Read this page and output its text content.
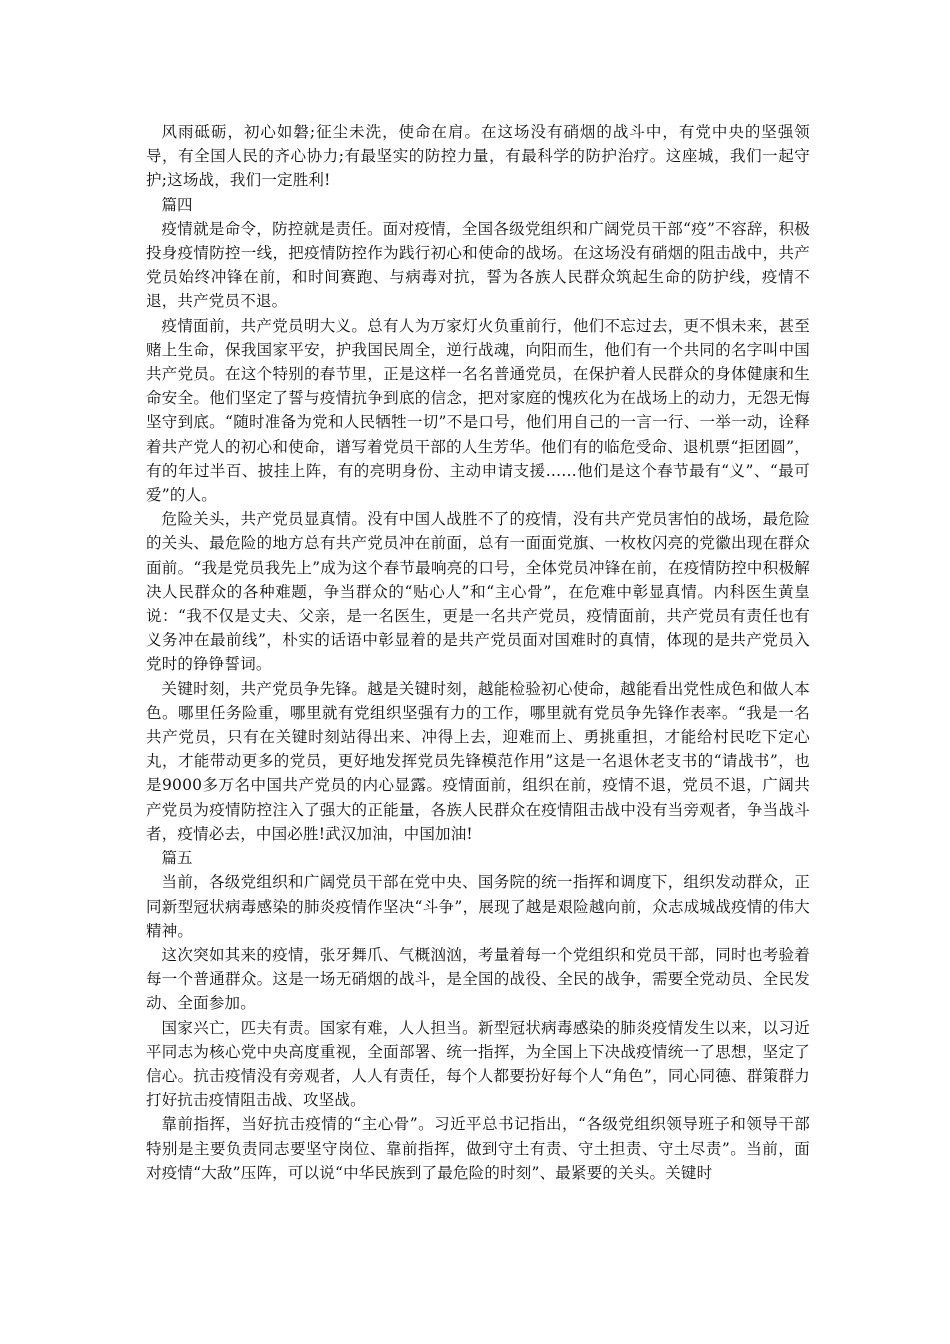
风雨砥砺，初心如磐;征尘未洗，使命在肩。在这场没有硝烟的战斗中，有党中央的坚强领导，有全国人民的齐心协力;有最坚实的防控力量，有最科学的防护治疗。这座城，我们一起守护;这场战，我们一定胜利!

篇四

疫情就是命令，防控就是责任。面对疫情，全国各级党组织和广阔党员干部“疫”不容辞，积极投身疫情防控一线，把疫情防控作为践行初心和使命的战场。在这场没有硝烟的阻击战中，共产党员始终冲锋在前，和时间赛跑、与病毒对抗，誓为各族人民群众筑起生命的防护线，疫情不退，共产党员不退。

疫情面前，共产党员明大义。总有人为万家灯火负重前行，他们不忘过去，更不惧未来，甚至赌上生命，保我国家平安，护我国民周全，逆行战魂，向阳而生，他们有一个共同的名字叫中国共产党员。在这个特别的春节里，正是这样一名名普通党员，在保护着人民群众的身体健康和生命安全。他们坚定了誓与疫情抗争到底的信念，把对家庭的愧疚化为在战场上的动力，无怨无悔坚守到底。“随时准备为党和人民牺牲一切”不是口号，他们用自己的一言一行、一举一动，诠释着共产党人的初心和使命，谱写着党员干部的人生芳华。他们有的临危受命、退机票“拒团圆”，有的年过半百、披挂上阵，有的亮明身份、主动申请支援……他们是这个春节最有“义”、“最可爱”的人。

危险关头，共产党员显真情。没有中国人战胜不了的疫情，没有共产党员害怕的战场，最危险的关头、最危险的地方总有共产党员冲在前面，总有一面面党旗、一枚枚闪亮的党徽出现在群众面前。“我是党员我先上”成为这个春节最响亮的口号，全体党员冲锋在前，在疫情防控中积极解决人民群众的各种难题，争当群众的“贴心人”和“主心骨”，在危难中彰显真情。内科医生黄皇说：“我不仅是丈夫、父亲，是一名医生，更是一名共产党员，疫情面前，共产党员有责任也有义务冲在最前线”，朴实的话语中彰显着的是共产党员面对国难时的真情，体现的是共产党员入党时的铮铮誓词。

关键时刻，共产党员争先锋。越是关键时刻，越能检验初心使命，越能看出党性成色和做人本色。哪里任务险重，哪里就有党组织坚强有力的工作，哪里就有党员争先锋作表率。“我是一名共产党员，只有在关键时刻站得出来、冲得上去，迎难而上、勇挑重担，才能给村民吃下定心丸，才能带动更多的党员，更好地发挥党员先锋模范作用”这是一名退休老支书的“请战书”，也是9000多万名中国共产党员的内心显露。疫情面前，组织在前，疫情不退，党员不退，广阔共产党员为疫情防控注入了强大的正能量，各族人民群众在疫情阻击战中没有当旁观者，争当战斗者，疫情必去，中国必胜!武汉加油，中国加油!

篇五

当前，各级党组织和广阔党员干部在党中央、国务院的统一指挥和调度下，组织发动群众，正同新型冠状病毒感染的肺炎疫情作坚决“斗争”，展现了越是艰险越向前，众志成城战疫情的伟大精神。

这次突如其来的疫情，张牙舞爪、气概汹汹，考量着每一个党组织和党员干部，同时也考验着每一个普通群众。这是一场无硝烟的战斗，是全国的战役、全民的战争，需要全党动员、全民发动、全面参加。

国家兴亡，匹夫有责。国家有难，人人担当。新型冠状病毒感染的肺炎疫情发生以来，以习近平同志为核心党中央高度重视，全面部署、统一指挥，为全国上下决战疫情统一了思想，坚定了信心。抗击疫情没有旁观者，人人有责任，每个人都要扮好每个人“角色”，同心同德、群策群力打好抗击疫情阻击战、攻坚战。

靠前指挥，当好抗击疫情的“主心骨”。习近平总书记指出，“各级党组织领导班子和领导干部特别是主要负责同志要坚守岗位、靠前指挥，做到守土有责、守土担责、守土尽责”。当前，面对疫情“大敌”压阵，可以说“中华民族到了最危险的时刻”、最紧要的关头。关键时
